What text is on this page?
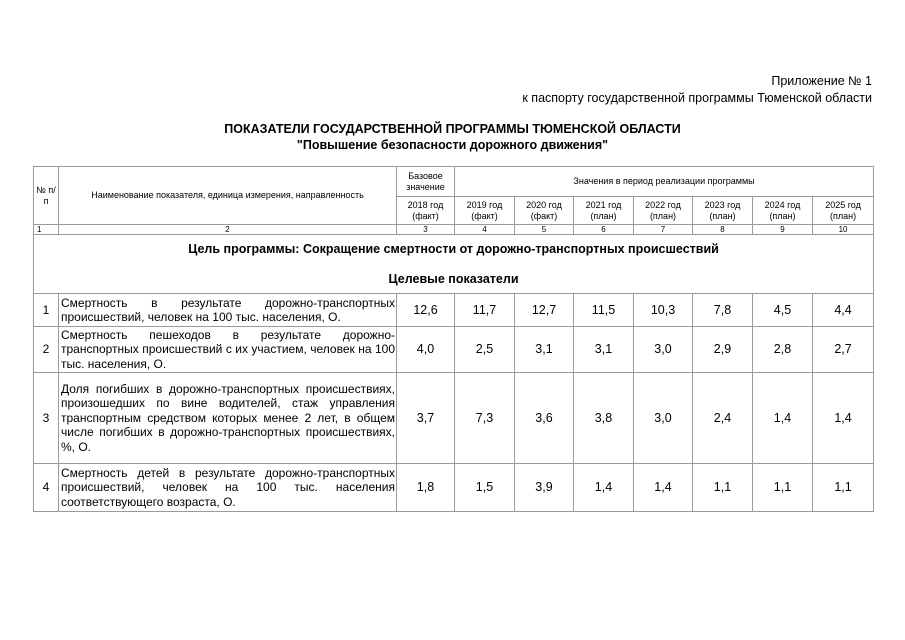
Приложение № 1
к паспорту государственной программы Тюменской области
ПОКАЗАТЕЛИ ГОСУДАРСТВЕННОЙ ПРОГРАММЫ ТЮМЕНСКОЙ ОБЛАСТИ
"Повышение безопасности дорожного движения"
№ п/п	Наименование показателя, единица измерения, направленность	Базовое значение	Значения в период реализации программы						
		2018 год (факт)	2019 год (факт)	2020 год (факт)	2021 год (план)	2022 год (план)	2023 год (план)	2024 год (план)	2025 год (план)
1	2	3	4	5	6	7	8	9	10

Цель программы: Сокращение смертности от дорожно-транспортных происшествий
Целевые показатели									

1	Смертность в результате дорожно-транспортных происшествий, человек на 100 тыс. населения, О.	12,6	11,7	12,7	11,5	10,3	7,8	4,5	4,4
2	Смертность пешеходов в результате дорожно-транспортных происшествий с их участием, человек на 100 тыс. населения, О.	4,0	2,5	3,1	3,1	3,0	2,9	2,8	2,7
3	Доля погибших в дорожно-транспортных происшествиях, произошедших по вине водителей, стаж управления транспортным средством которых менее 2 лет, в общем числе погибших в дорожно-транспортных происшествиях, %, О.	3,7	7,3	3,6	3,8	3,0	2,4	1,4	1,4
4	Смертность детей в результате дорожно-транспортных происшествий, человек на 100 тыс. населения соответствующего возраста, О.	1,8	1,5	3,9	1,4	1,4	1,1	1,1	1,1
